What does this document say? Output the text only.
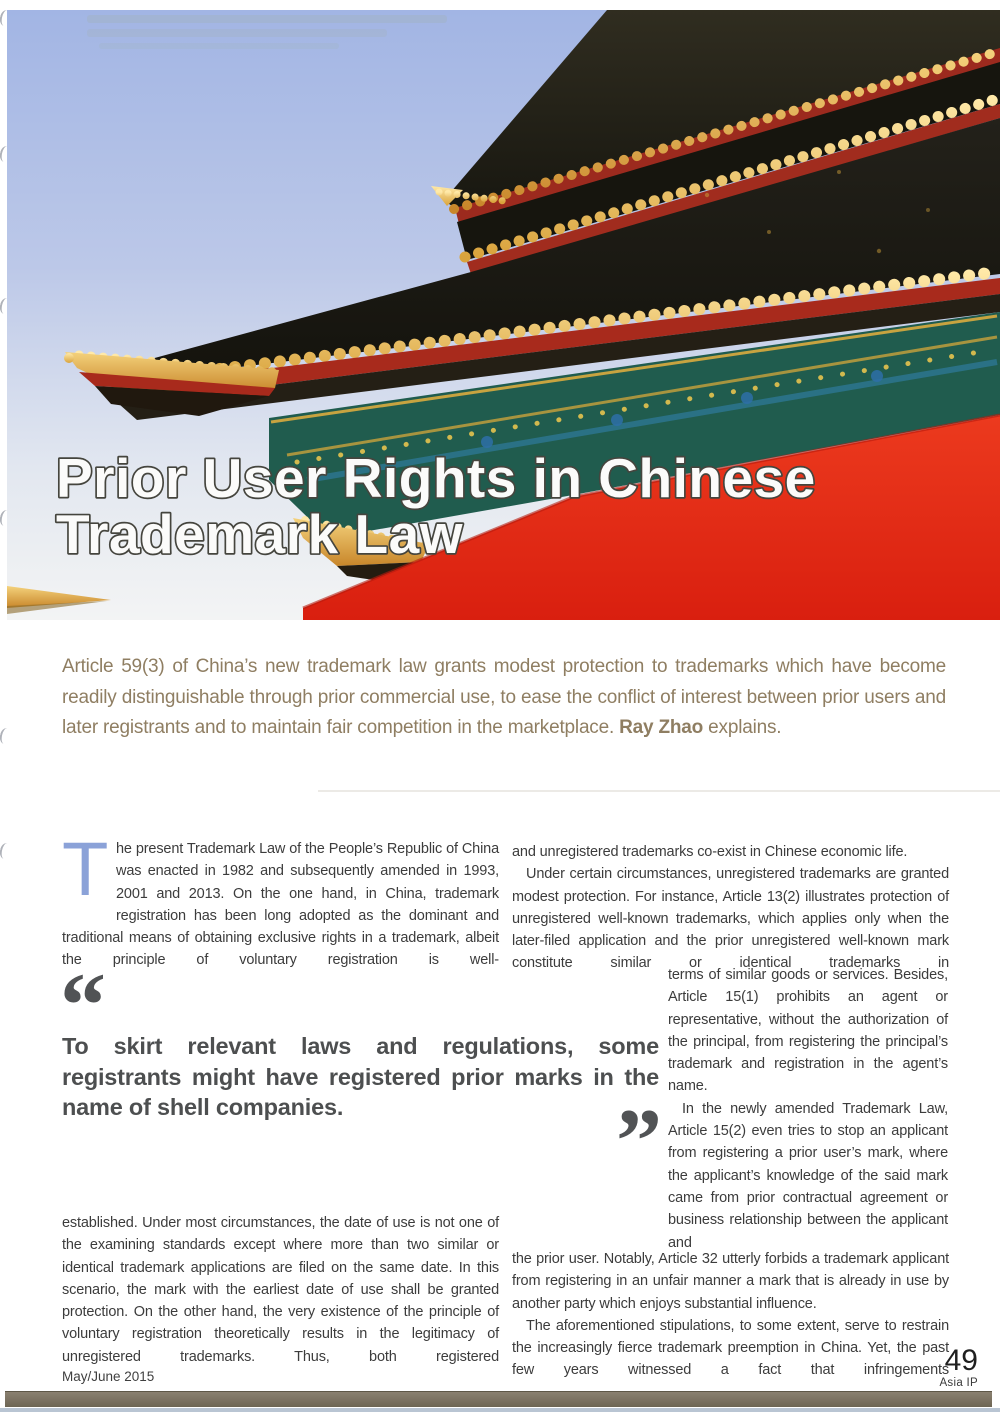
Prior User Rights in Chinese
Trademark Law

Article 59(3) of China’s new trademark law grants modest protection to trademarks which have become readily distinguishable through prior commercial use, to ease the conflict of interest between prior users and later registrants and to maintain fair competition in the marketplace. Ray Zhao explains.

The present Trademark Law of the People’s Republic of China was enacted in 1982 and subsequently amended in 1993, 2001 and 2013. On the one hand, in China, trademark registration has been long adopted as the dominant and traditional means of obtaining exclusive rights in a trademark, albeit the principle of voluntary registration is well-

“

To skirt relevant laws and regulations, some registrants might have registered prior marks in the name of shell companies.	”

established. Under most circumstances, the date of use is not one of the examining standards except where more than two similar or identical trademark applications are filed on the same date. In this scenario, the mark with the earliest date of use shall be granted protection. On the other hand, the very existence of the principle of voluntary registration theoretically results in the legitimacy of unregistered trademarks. Thus, both registered

and unregistered trademarks co-exist in Chinese economic life.

Under certain circumstances, unregistered trademarks are granted modest protection. For instance, Article 13(2) illustrates protection of unregistered well-known trademarks, which applies only when the later-filed application and the prior unregistered well-known mark constitute similar or identical trademarks in

terms of similar goods or services. Besides, Article 15(1) prohibits an agent or representative, without the authorization of the principal, from registering the principal’s trademark and registration in the agent’s name.

In the newly amended Trademark Law, Article 15(2) even tries to stop an applicant from registering a prior user’s mark, where the applicant’s knowledge of the said mark came from prior contractual agreement or business relationship between the applicant and

the prior user. Notably, Article 32 utterly forbids a trademark applicant from registering in an unfair manner a mark that is already in use by another party which enjoys substantial influence.

The aforementioned stipulations, to some extent, serve to restrain the increasingly fierce trademark preemption in China. Yet, the past few years witnessed a fact that infringements

May/June 2015	49
Asia IP
